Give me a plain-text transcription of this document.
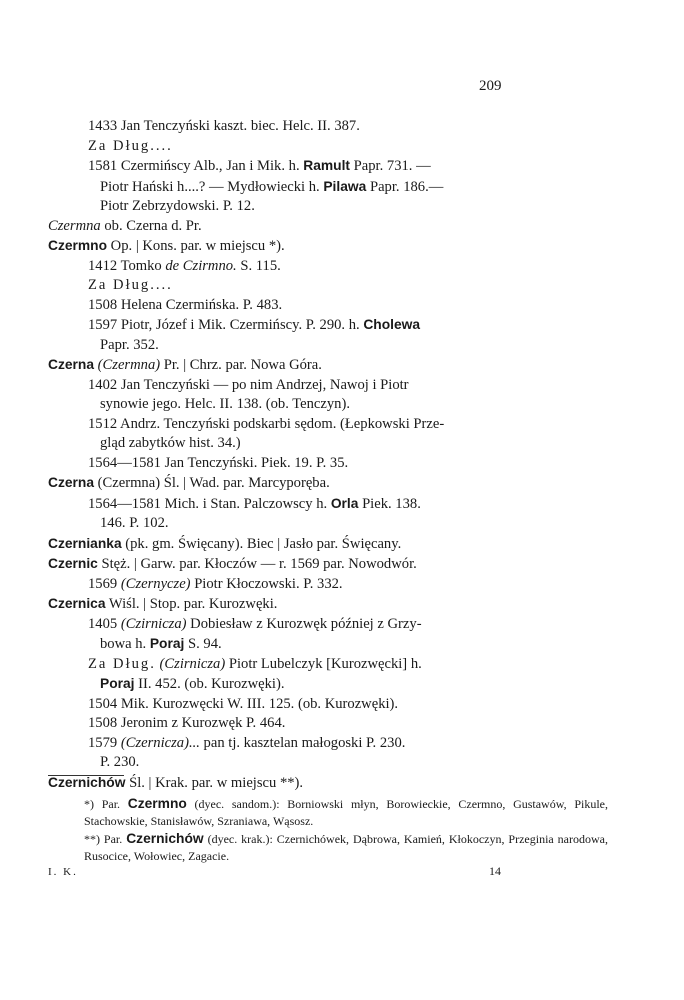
209
1433 Jan Tenczyński kaszt. biec. Helc. II. 387.
Za Dług....
1581 Czermińscy Alb., Jan i Mik. h. Ramult Papr. 731. —
Piotr Hański h....? — Mydłowiecki h. Pilawa Papr. 186.—
Piotr Zebrzydowski. P. 12.
Czermna ob. Czerna d. Pr.
Czermno Op. | Kons. par. w miejscu *).
1412 Tomko de Czirmno. S. 115.
Za Dług....
1508 Helena Czermińska. P. 483.
1597 Piotr, Józef i Mik. Czermińscy. P. 290. h. Cholewa
Papr. 352.
Czerna (Czermna) Pr. | Chrz. par. Nowa Góra.
1402 Jan Tenczyński — po nim Andrzej, Nawoj i Piotr
synowie jego. Helc. II. 138. (ob. Tenczyn).
1512 Andrz. Tenczyński podskarbi sędom. (Łepkowski Prze-
gląd zabytków hist. 34.)
1564—1581 Jan Tenczyński. Piek. 19. P. 35.
Czerna (Czermna) Śl. | Wad. par. Marcyporęba.
1564—1581 Mich. i Stan. Palczowscy h. Orla Piek. 138.
146. P. 102.
Czernianka (pk. gm. Święcany). Biec | Jasło par. Święcany.
Czernic Stęż. | Garw. par. Kłoczów — r. 1569 par. Nowodwór.
1569 (Czernycze) Piotr Kłoczowski. P. 332.
Czernica Wiśl. | Stop. par. Kurozwęki.
1405 (Czirnicza) Dobiesław z Kurozwęk później z Grzy-
bowa h. Poraj S. 94.
Za Dług. (Czirnicza) Piotr Lubelczyk [Kurozwęcki] h.
Poraj II. 452. (ob. Kurozwęki).
1504 Mik. Kurozwęcki W. III. 125. (ob. Kurozwęki).
1508 Jeronim z Kurozwęk P. 464.
1579 (Czernicza)... pan tj. kasztelan małogoski P. 230.
P. 230.
Czernichów Śl. | Krak. par. w miejscu **).
*) Par. Czermno (dyec. sandom.): Borniowski młyn, Borowieckie, Czermno, Gustawów, Pikule, Stachowskie, Stanisławów, Szraniawa, Wąsosz.
**) Par. Czernichów (dyec. krak.): Czernichówek, Dąbrowa, Kamień, Kłokoczyn, Przeginia narodowa, Rusocice, Wołowiec, Zagacie.
I. K.	14
